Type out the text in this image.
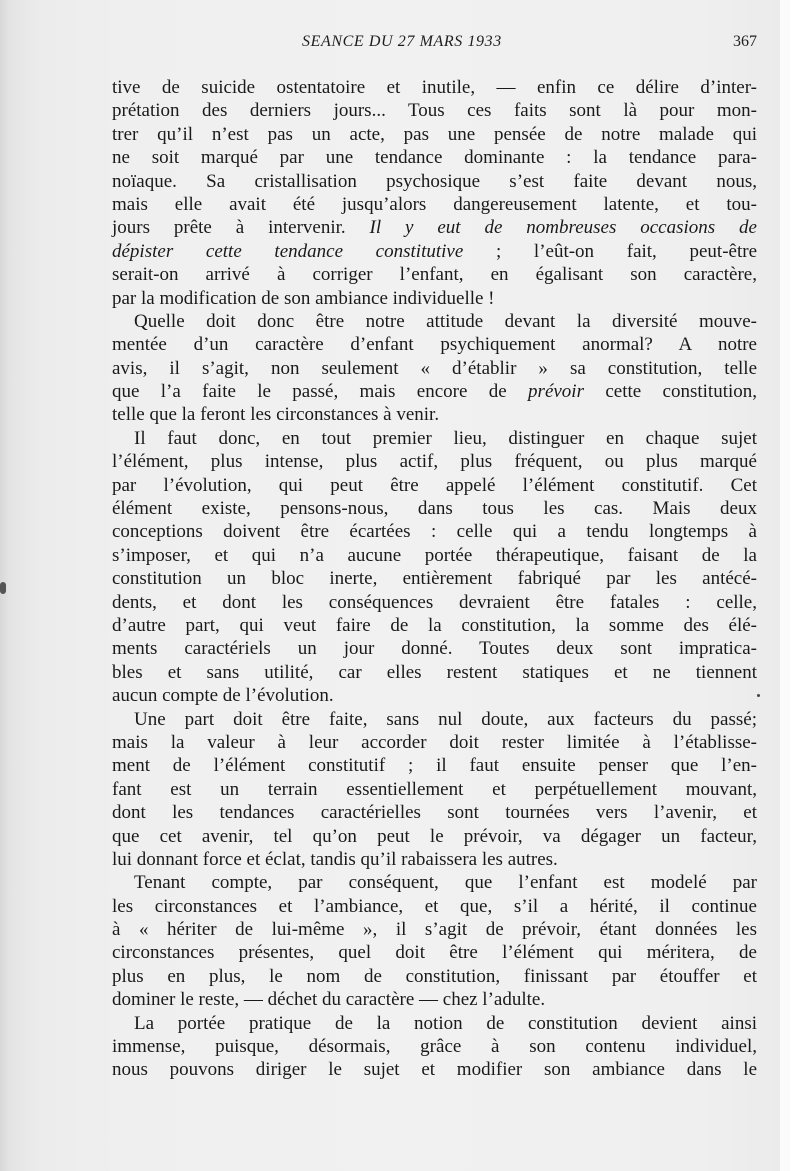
SEANCE DU 27 MARS 1933	367
tive de suicide ostentatoire et inutile, — enfin ce délire d’inter-
prétation des derniers jours... Tous ces faits sont là pour mon-
trer qu’il n’est pas un acte, pas une pensée de notre malade qui
ne soit marqué par une tendance dominante : la tendance para-
noïaque. Sa cristallisation psychosique s’est faite devant nous,
mais elle avait été jusqu’alors dangereusement latente, et tou-
jours prête à intervenir. Il y eut de nombreuses occasions de
dépister cette tendance constitutive ; l’eût-on fait, peut-être
serait-on arrivé à corriger l’enfant, en égalisant son caractère,
par la modification de son ambiance individuelle !
Quelle doit donc être notre attitude devant la diversité mouve-
mentée d’un caractère d’enfant psychiquement anormal? A notre
avis, il s’agit, non seulement « d’établir » sa constitution, telle
que l’a faite le passé, mais encore de prévoir cette constitution,
telle que la feront les circonstances à venir.
Il faut donc, en tout premier lieu, distinguer en chaque sujet
l’élément, plus intense, plus actif, plus fréquent, ou plus marqué
par l’évolution, qui peut être appelé l’élément constitutif. Cet
élément existe, pensons-nous, dans tous les cas. Mais deux
conceptions doivent être écartées : celle qui a tendu longtemps à
s’imposer, et qui n’a aucune portée thérapeutique, faisant de la
constitution un bloc inerte, entièrement fabriqué par les antécé-
dents, et dont les conséquences devraient être fatales : celle,
d’autre part, qui veut faire de la constitution, la somme des élé-
ments caractériels un jour donné. Toutes deux sont impratica-
bles et sans utilité, car elles restent statiques et ne tiennent
aucun compte de l’évolution.
Une part doit être faite, sans nul doute, aux facteurs du passé;
mais la valeur à leur accorder doit rester limitée à l’établisse-
ment de l’élément constitutif ; il faut ensuite penser que l’en-
fant est un terrain essentiellement et perpétuellement mouvant,
dont les tendances caractérielles sont tournées vers l’avenir, et
que cet avenir, tel qu’on peut le prévoir, va dégager un facteur,
lui donnant force et éclat, tandis qu’il rabaissera les autres.
Tenant compte, par conséquent, que l’enfant est modelé par
les circonstances et l’ambiance, et que, s’il a hérité, il continue
à « hériter de lui-même », il s’agit de prévoir, étant données les
circonstances présentes, quel doit être l’élément qui méritera, de
plus en plus, le nom de constitution, finissant par étouffer et
dominer le reste, — déchet du caractère — chez l’adulte.
La portée pratique de la notion de constitution devient ainsi
immense, puisque, désormais, grâce à son contenu individuel,
nous pouvons diriger le sujet et modifier son ambiance dans le
